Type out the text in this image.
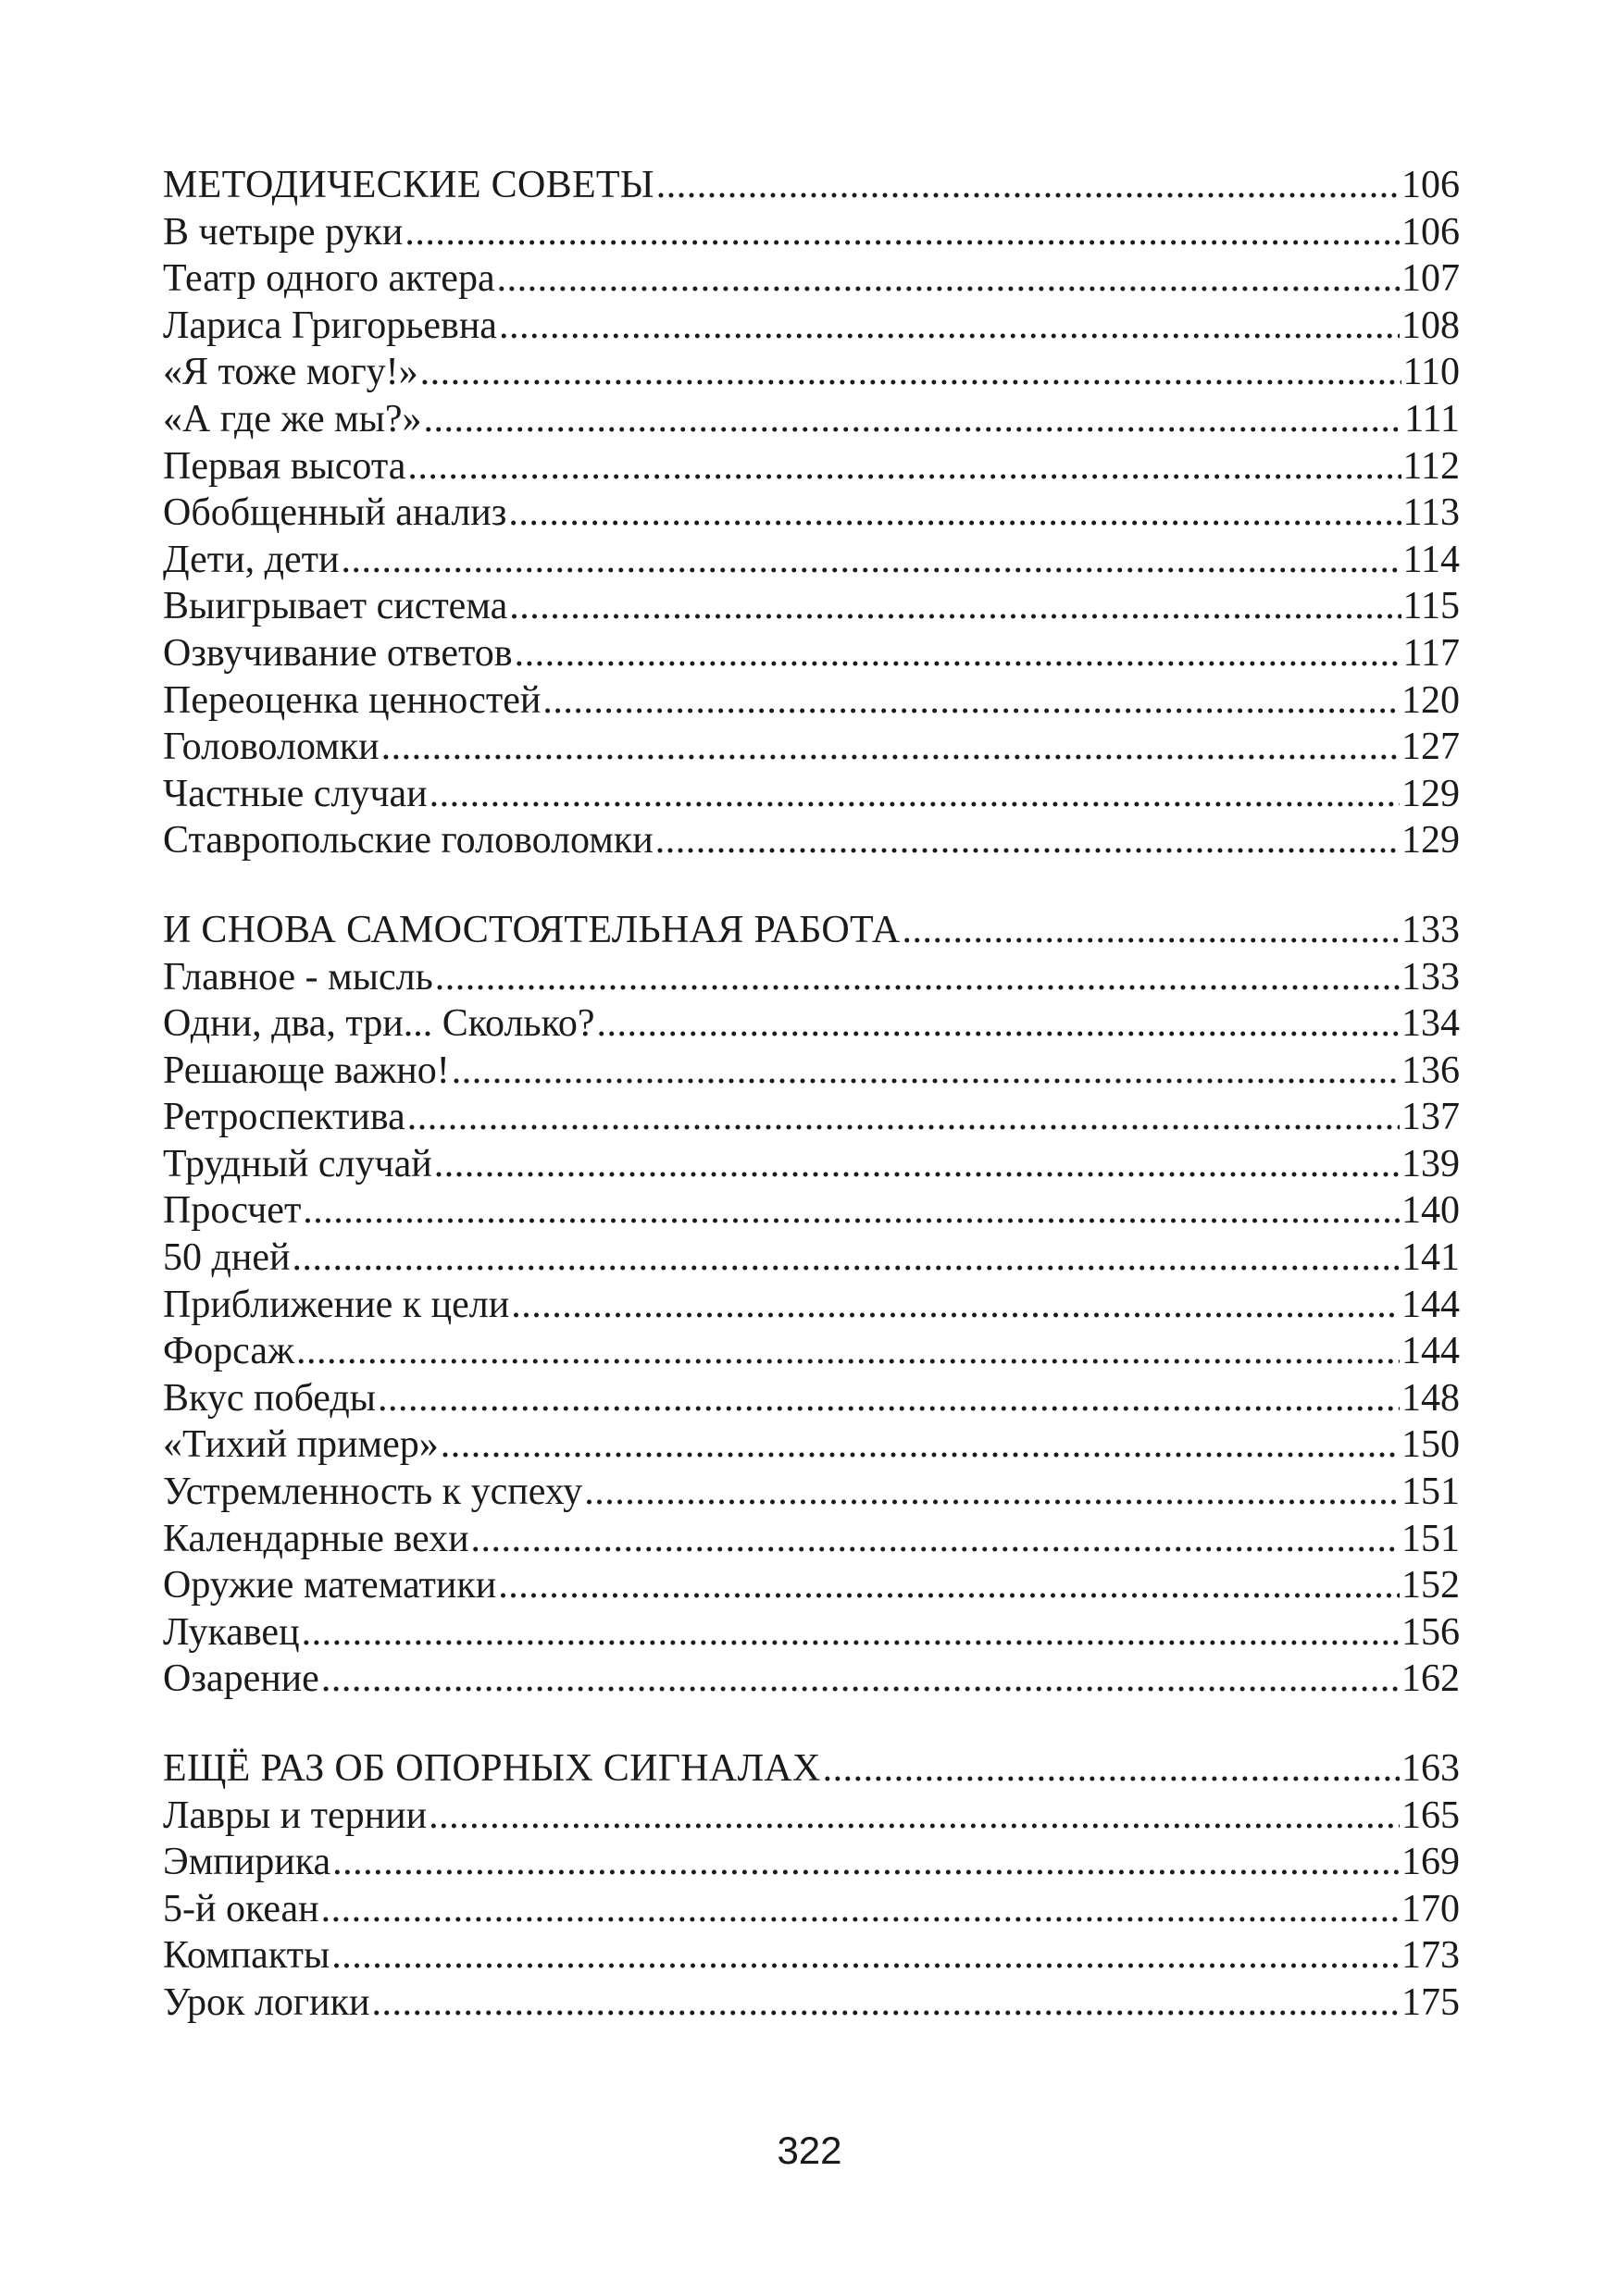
МЕТОДИЧЕСКИЕ СОВЕТЫ .....	106
В четыре руки .....	106
Театр одного актера .....	107
Лариса Григорьевна .....	108
«Я тоже могу!» .....	110
«А где же мы?» .....	111
Первая высота .....	112
Обобщенный анализ .....	113
Дети, дети .....	114
Выигрывает система .....	115
Озвучивание ответов .....	117
Переоценка ценностей .....	120
Головоломки .....	127
Частные случаи .....	129
Ставропольские головоломки .....	129
И СНОВА САМОСТОЯТЕЛЬНАЯ РАБОТА .....	133
Главное - мысль .....	133
Одни, два, три... Сколько? .....	134
Решающе важно! .....	136
Ретроспектива .....	137
Трудный случай .....	139
Просчет .....	140
50 дней .....	141
Приближение к цели .....	144
Форсаж .....	144
Вкус победы .....	148
«Тихий пример» .....	150
Устремленность к успеху .....	151
Календарные вехи .....	151
Оружие математики .....	152
Лукавец .....	156
Озарение .....	162
ЕЩЁ РАЗ ОБ ОПОРНЫХ СИГНАЛАХ .....	163
Лавры и тернии .....	165
Эмпирика .....	169
5-й океан .....	170
Компакты .....	173
Урок логики .....	175
322
